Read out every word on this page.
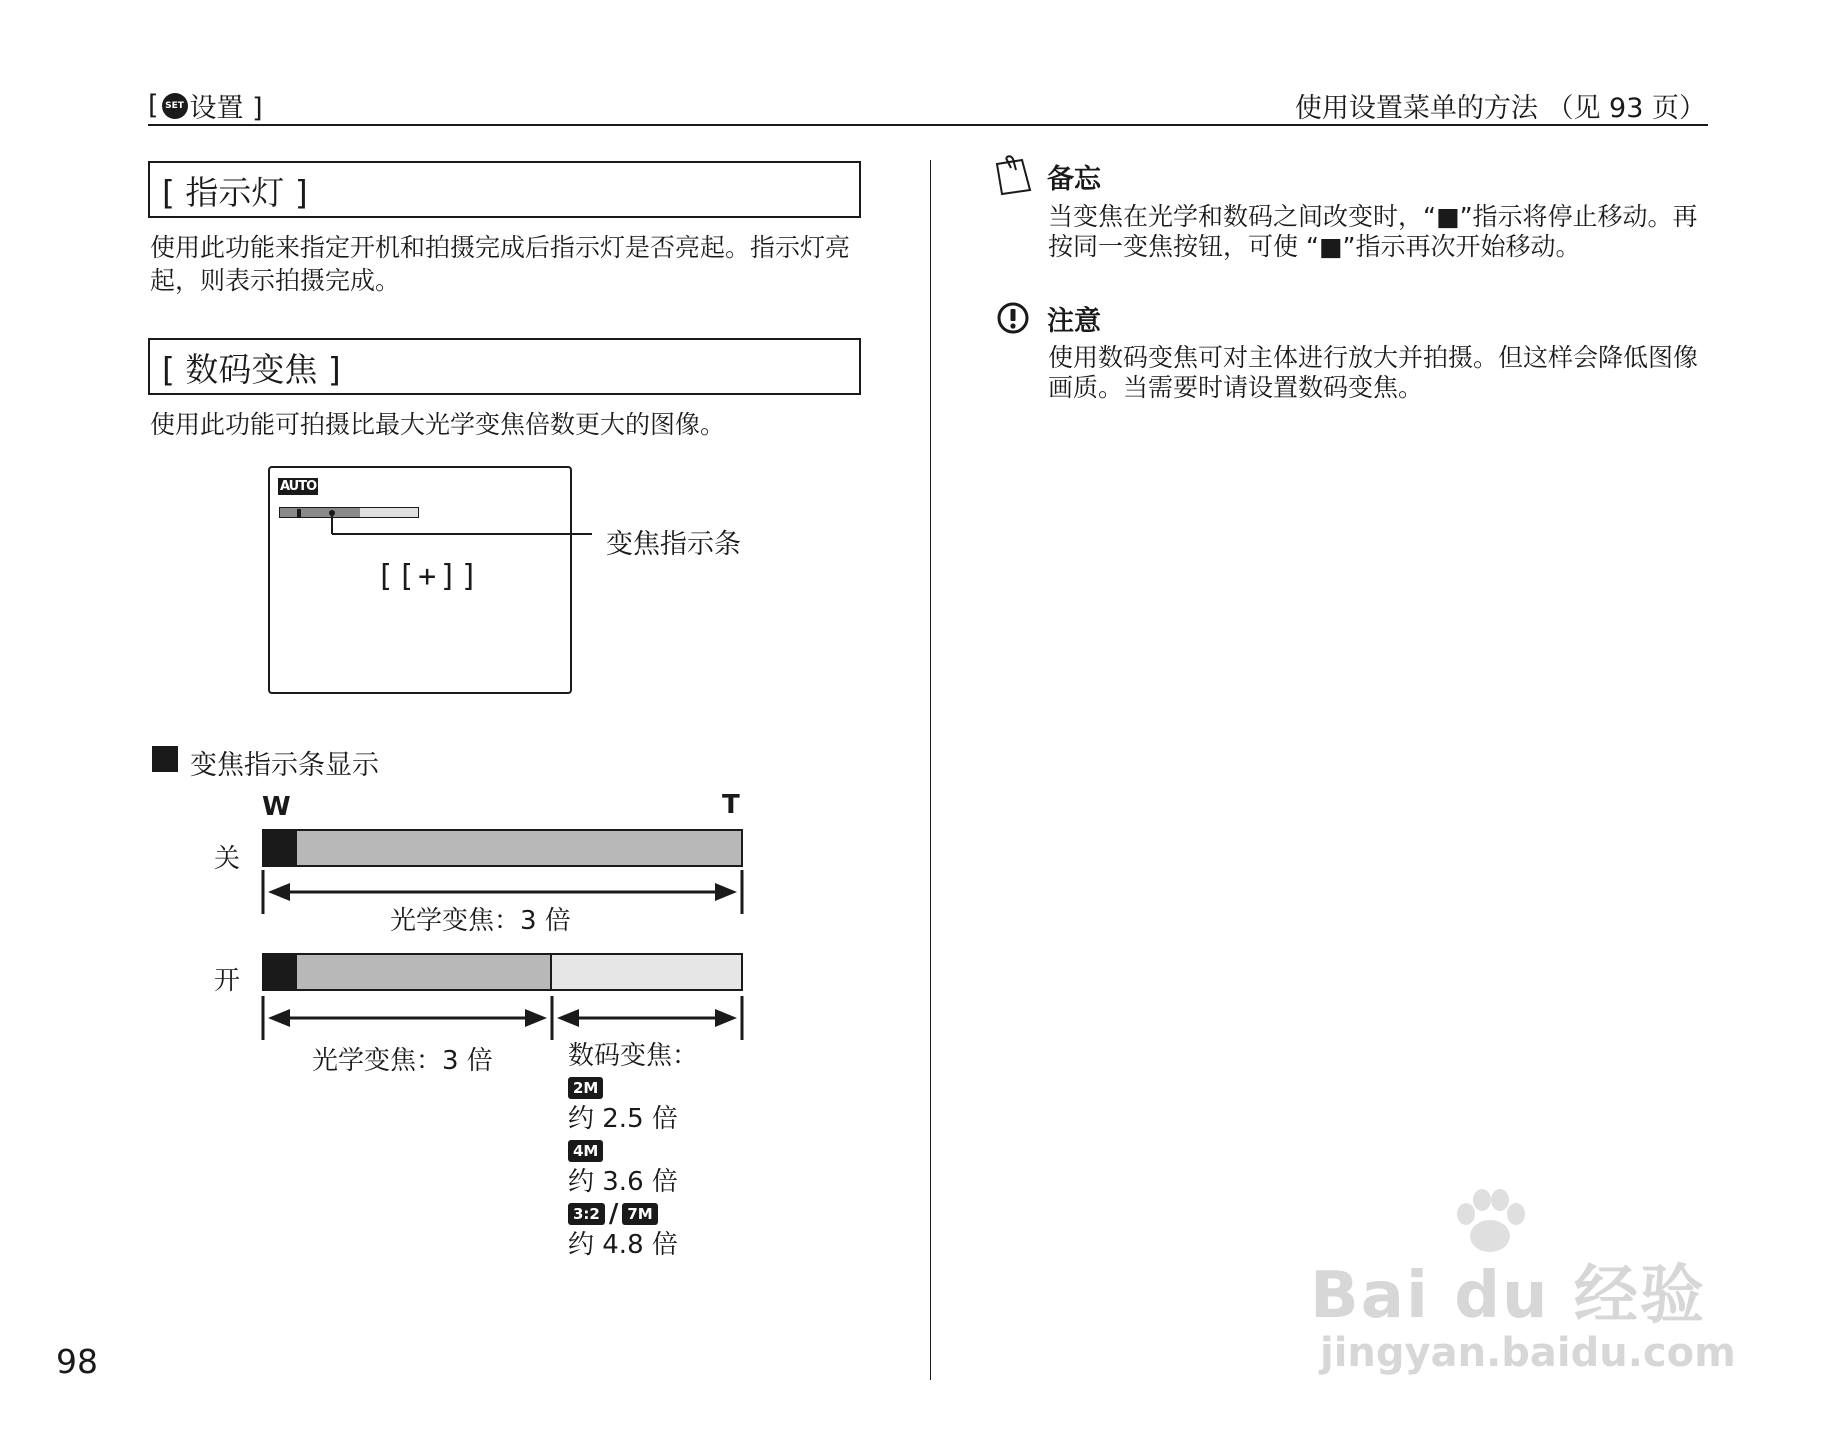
[ SET 设置 ]	使用设置菜单的方法 （见 93 页）
[ 指示灯 ]
使用此功能来指定开机和拍摄完成后指示灯是否亮起。指示灯亮起，则表示拍摄完成。
[ 数码变焦 ]
使用此功能可拍摄比最大光学变焦倍数更大的图像。
AUTO
[[+]]
变焦指示条
变焦指示条显示
W	T
关
光学变焦：3 倍
开
光学变焦：3 倍	数码变焦：
2M
约 2.5 倍
4M
约 3.6 倍
3:2 / 7M
约 4.8 倍
备忘
当变焦在光学和数码之间改变时，“■”指示将停止移动。再按同一变焦按钮，可使 “■”指示再次开始移动。
注意
使用数码变焦可对主体进行放大并拍摄。但这样会降低图像画质。当需要时请设置数码变焦。
98
Bai du 经验
jingyan.baidu.com
